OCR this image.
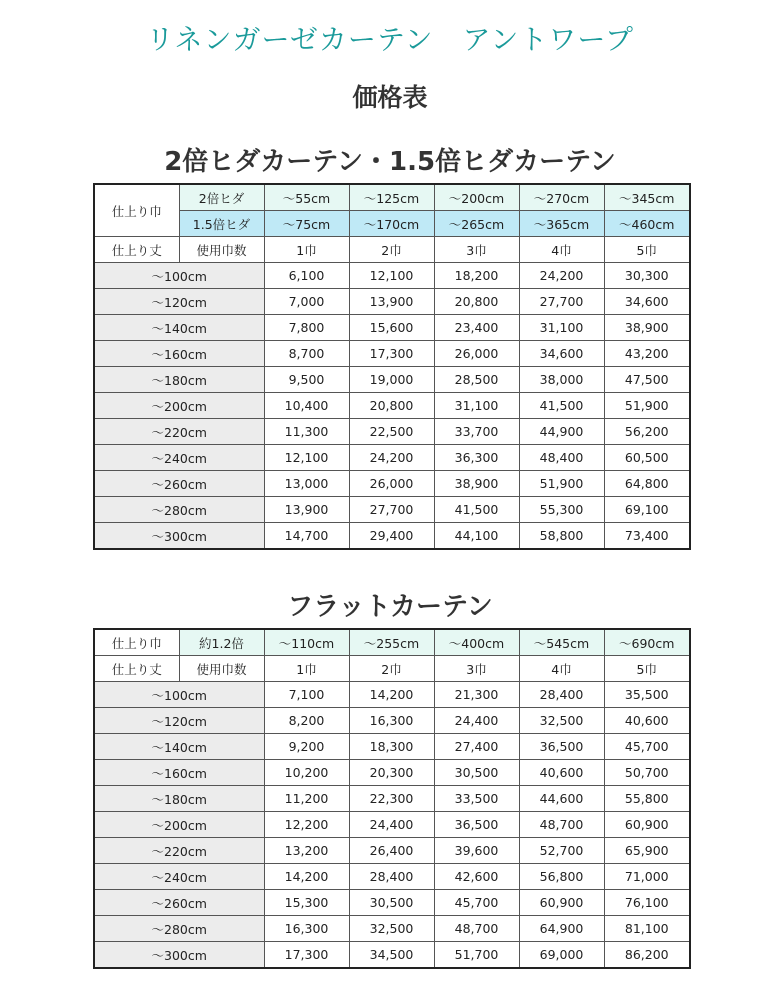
リネンガーゼカーテン　アントワープ
価格表
2倍ヒダカーテン・1.5倍ヒダカーテン
仕上り巾	2倍ヒダ	～55cm	～125cm	～200cm	～270cm	～345cm
	1.5倍ヒダ	～75cm	～170cm	～265cm	～365cm	～460cm
仕上り丈	使用巾数	1巾	2巾	3巾	4巾	5巾
～100cm		6,100	12,100	18,200	24,200	30,300
～120cm		7,000	13,900	20,800	27,700	34,600
～140cm		7,800	15,600	23,400	31,100	38,900
～160cm		8,700	17,300	26,000	34,600	43,200
～180cm		9,500	19,000	28,500	38,000	47,500
～200cm		10,400	20,800	31,100	41,500	51,900
～220cm		11,300	22,500	33,700	44,900	56,200
～240cm		12,100	24,200	36,300	48,400	60,500
～260cm		13,000	26,000	38,900	51,900	64,800
～280cm		13,900	27,700	41,500	55,300	69,100
～300cm		14,700	29,400	44,100	58,800	73,400
フラットカーテン
仕上り巾	約1.2倍	～110cm	～255cm	～400cm	～545cm	～690cm
仕上り丈	使用巾数	1巾	2巾	3巾	4巾	5巾
～100cm		7,100	14,200	21,300	28,400	35,500
～120cm		8,200	16,300	24,400	32,500	40,600
～140cm		9,200	18,300	27,400	36,500	45,700
～160cm		10,200	20,300	30,500	40,600	50,700
～180cm		11,200	22,300	33,500	44,600	55,800
～200cm		12,200	24,400	36,500	48,700	60,900
～220cm		13,200	26,400	39,600	52,700	65,900
～240cm		14,200	28,400	42,600	56,800	71,000
～260cm		15,300	30,500	45,700	60,900	76,100
～280cm		16,300	32,500	48,700	64,900	81,100
～300cm		17,300	34,500	51,700	69,000	86,200
